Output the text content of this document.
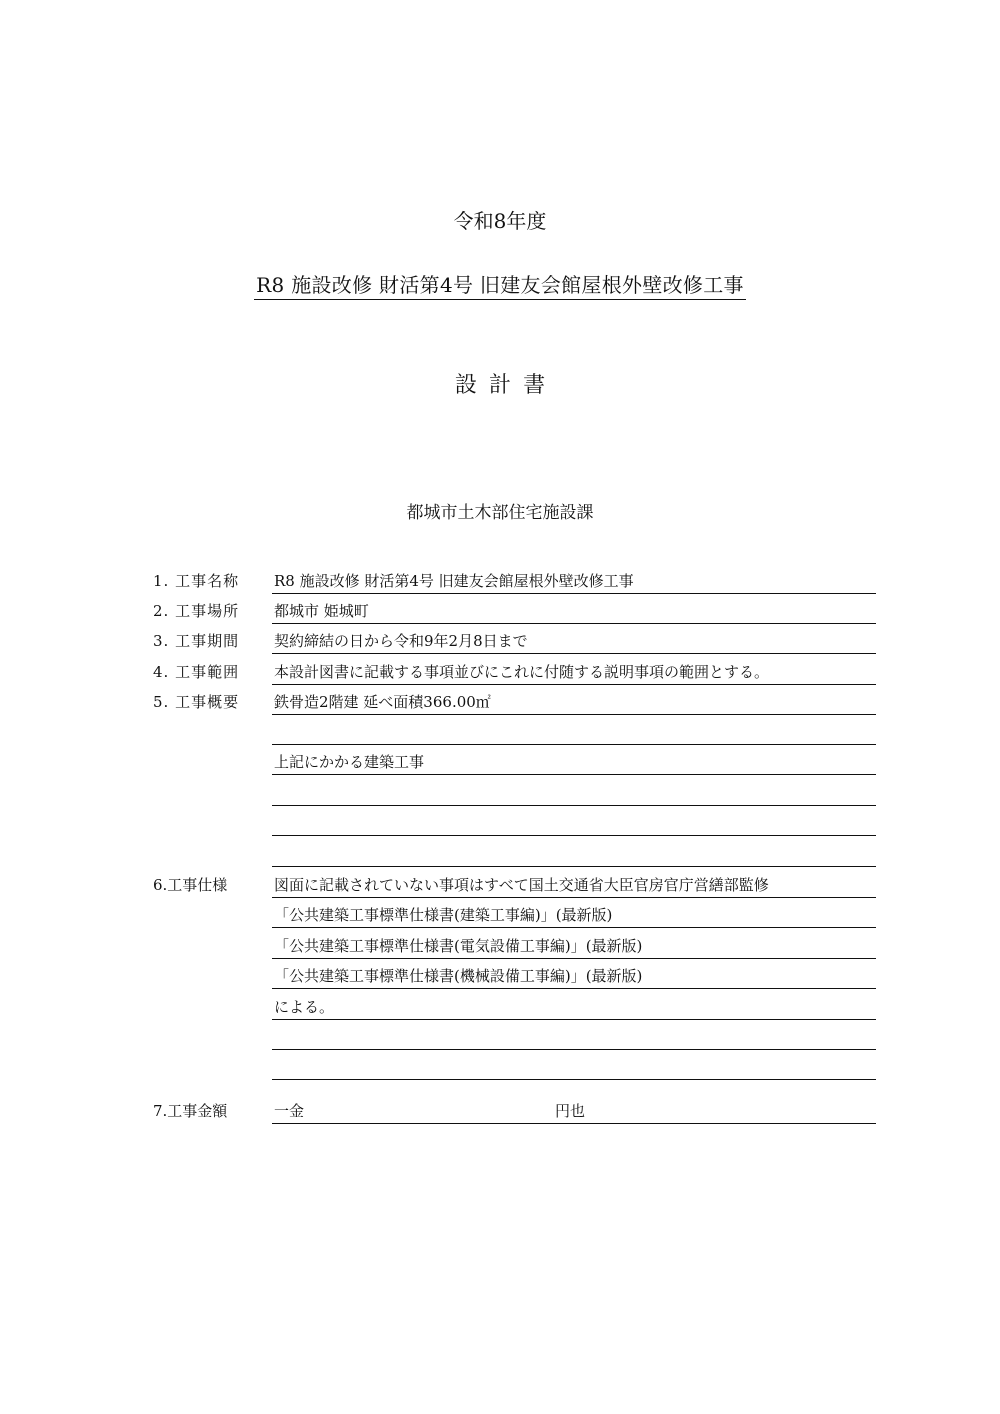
令和8年度
R8 施設改修 財活第4号 旧建友会館屋根外壁改修工事
設計書
都城市土木部住宅施設課
1. 工事名称 R8 施設改修 財活第4号 旧建友会館屋根外壁改修工事
2. 工事場所 都城市 姫城町
3. 工事期間 契約締結の日から令和9年2月8日まで
4. 工事範囲 本設計図書に記載する事項並びにこれに付随する説明事項の範囲とする。
5. 工事概要 鉄骨造2階建 延べ面積366.00㎡
上記にかかる建築工事
6.工事仕様	図面に記載されていない事項はすべて国土交通省大臣官房官庁営繕部監修
「公共建築工事標準仕様書(建築工事編)」(最新版)
「公共建築工事標準仕様書(電気設備工事編)」(最新版)
「公共建築工事標準仕様書(機械設備工事編)」(最新版)
による。
7.工事金額	一金	円也
